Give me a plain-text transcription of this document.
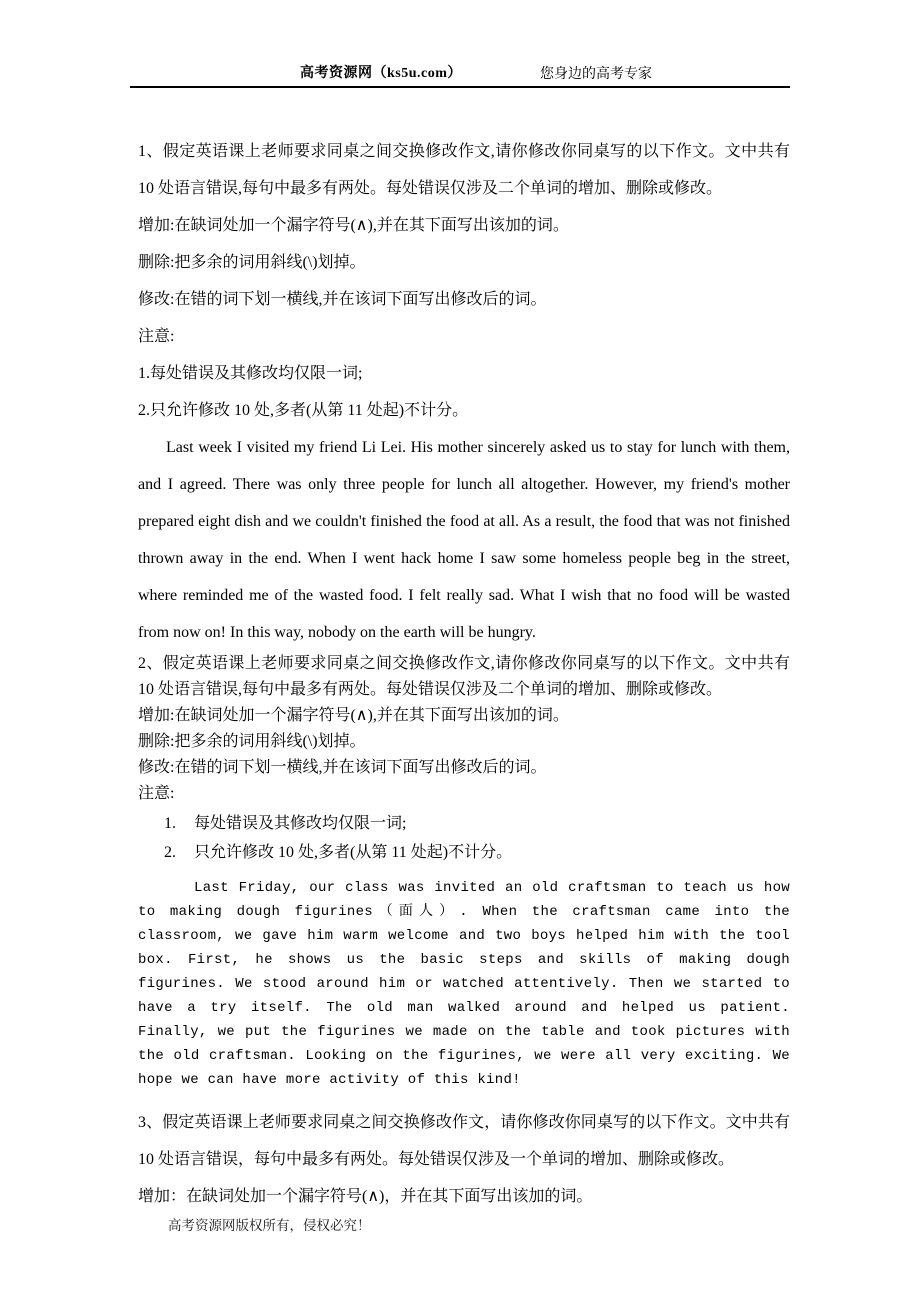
高考资源网（ks5u.com）	您身边的高考专家

1、假定英语课上老师要求同桌之间交换修改作文,请你修改你同桌写的以下作文。文中共有 10 处语言错误,每句中最多有两处。每处错误仅涉及二个单词的增加、删除或修改。

增加:在缺词处加一个漏字符号(∧),并在其下面写出该加的词。

删除:把多余的词用斜线(\)划掉。

修改:在错的词下划一横线,并在该词下面写出修改后的词。

注意:

1.每处错误及其修改均仅限一词;

2.只允许修改 10 处,多者(从第 11 处起)不计分。

Last week I visited my friend Li Lei. His mother sincerely asked us to stay for lunch with them, and I agreed. There was only three people for lunch all altogether. However, my friend's mother prepared eight dish and we couldn't finished the food at all. As a result, the food that was not finished thrown away in the end. When I went hack home I saw some homeless people beg in the street, where reminded me of the wasted food. I felt really sad. What I wish that no food will be wasted from now on! In this way, nobody on the earth will be hungry.

2、假定英语课上老师要求同桌之间交换修改作文,请你修改你同桌写的以下作文。文中共有 10 处语言错误,每句中最多有两处。每处错误仅涉及二个单词的增加、删除或修改。

增加:在缺词处加一个漏字符号(∧),并在其下面写出该加的词。

删除:把多余的词用斜线(\)划掉。

修改:在错的词下划一横线,并在该词下面写出修改后的词。

注意:

1.	每处错误及其修改均仅限一词;
2.	只允许修改 10 处,多者(从第 11 处起)不计分。

Last Friday, our class was invited an old craftsman to teach us how to making dough figurines（面人）. When the craftsman came into the classroom, we gave him warm welcome and two boys helped him with the tool box. First, he shows us the basic steps and skills of making dough figurines. We stood around him or watched attentively. Then we started to have a try itself. The old man walked around and helped us patient. Finally, we put the figurines we made on the table and took pictures with the old craftsman. Looking on the figurines, we were all very exciting. We hope we can have more activity of this kind!

3、假定英语课上老师要求同桌之间交换修改作文，请你修改你同桌写的以下作文。文中共有 10 处语言错误，每句中最多有两处。每处错误仅涉及一个单词的增加、删除或修改。

增加：在缺词处加一个漏字符号(∧)，并在其下面写出该加的词。

高考资源网版权所有，侵权必究！
